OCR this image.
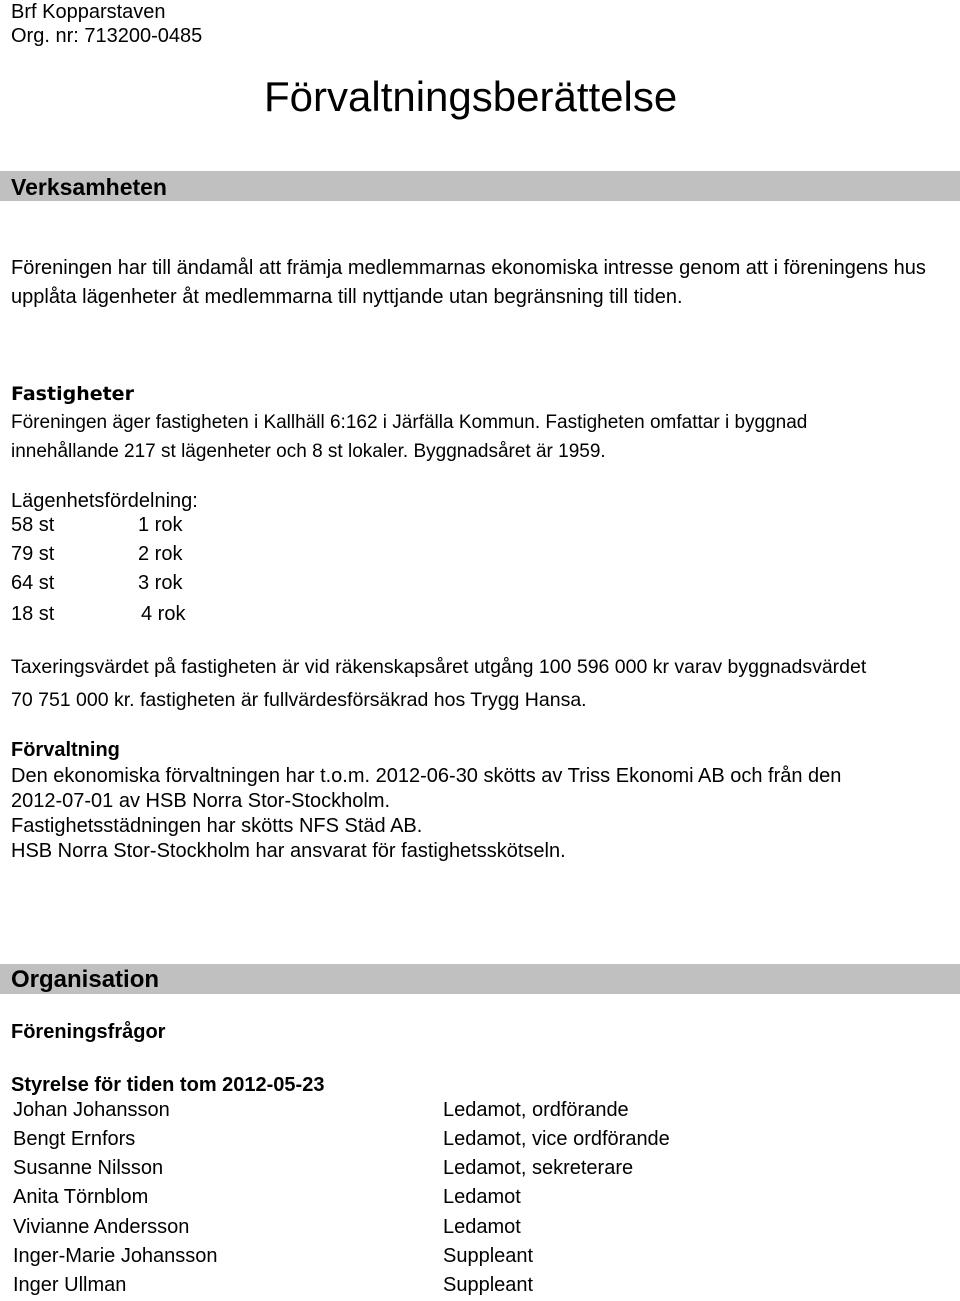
Brf Kopparstaven
Org. nr: 713200-0485
Förvaltningsberättelse
Verksamheten
Föreningen har till ändamål att främja medlemmarnas ekonomiska intresse genom att i föreningens hus upplåta lägenheter åt medlemmarna till nyttjande utan begränsning till tiden.
Fastigheter
Föreningen äger fastigheten i Kallhäll 6:162 i Järfälla Kommun. Fastigheten omfattar i byggnad
innehållande 217 st lägenheter och 8 st lokaler. Byggnadsåret är 1959.
Lägenhetsfördelning:
58 st	1 rok
79 st	2 rok
64 st	3 rok
18 st	4 rok
Taxeringsvärdet på fastigheten är vid räkenskapsåret utgång 100 596 000 kr varav byggnadsvärdet
70 751 000 kr. fastigheten är fullvärdesförsäkrad hos Trygg Hansa.
Förvaltning
Den ekonomiska förvaltningen har t.o.m. 2012-06-30 skötts av Triss Ekonomi AB och från den
2012-07-01 av HSB Norra Stor-Stockholm.
Fastighetsstädningen har skötts NFS Städ AB.
HSB Norra Stor-Stockholm har ansvarat för fastighetsskötseln.
Organisation
Föreningsfrågor
Styrelse för tiden tom 2012-05-23
Johan Johansson	Ledamot, ordförande
Bengt Ernfors	Ledamot, vice ordförande
Susanne Nilsson	Ledamot, sekreterare
Anita Törnblom	Ledamot
Vivianne Andersson	Ledamot
Inger-Marie Johansson	Suppleant
Inger Ullman	Suppleant
